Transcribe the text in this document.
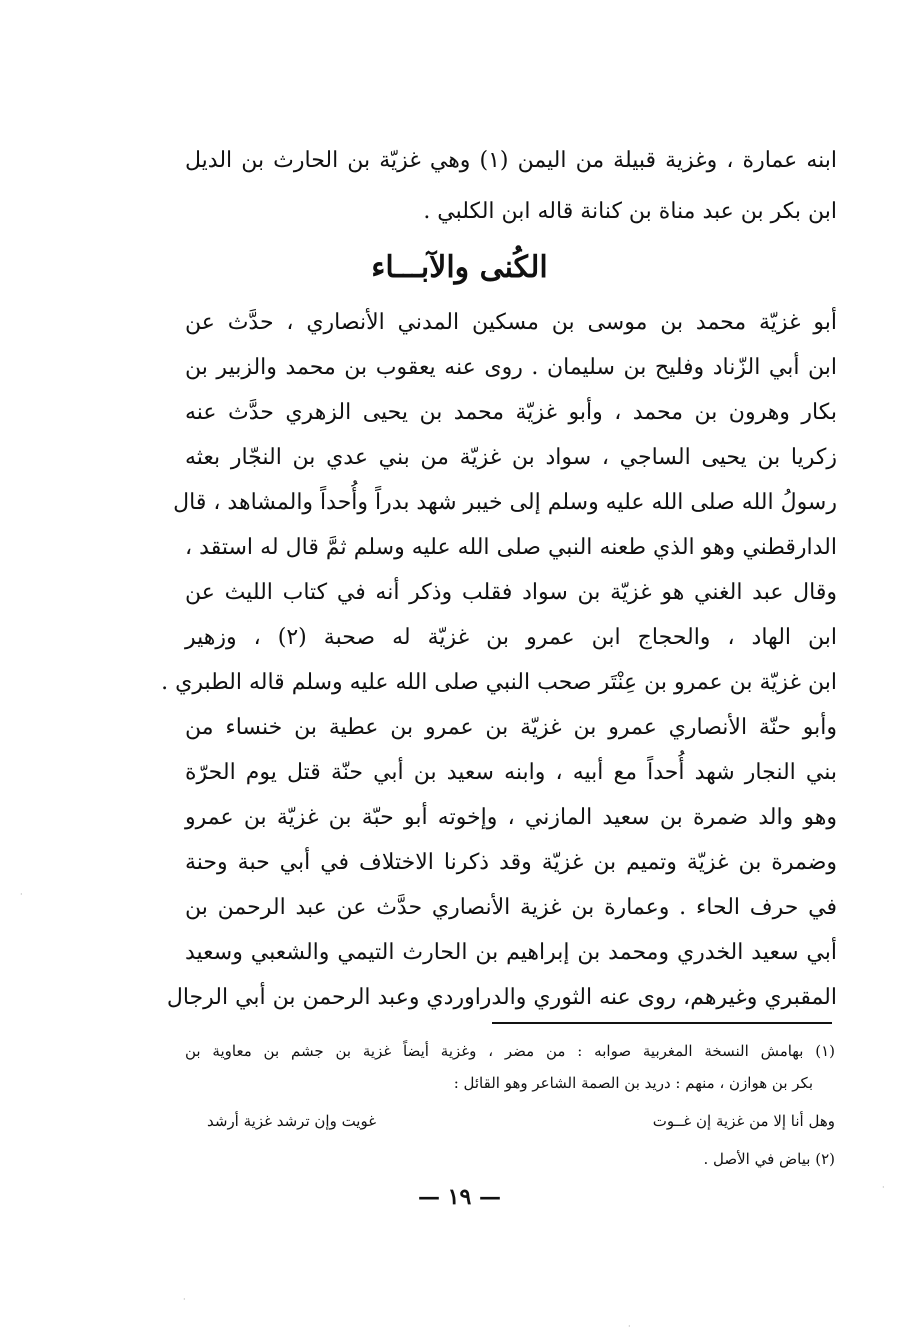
ابنه عمارة ، وغزية قبيلة من اليمن (١) وهي غزيّة بن الحارث بن الديل
ابن بكر بن عبد مناة بن كنانة قاله ابن الكلبي .
الكُنى والآبـــاء
أبو غزيّة محمد بن موسى بن مسكين المدني الأنصاري ، حدَّث عن
ابن أبي الزّناد وفليح بن سليمان . روى عنه يعقوب بن محمد والزبير بن
بكار وهرون بن محمد ، وأبو غزيّة محمد بن يحيى الزهري حدَّث عنه
زكريا بن يحيى الساجي ، سواد بن غزيّة من بني عدي بن النجّار بعثه
رسولُ الله صلى الله عليه وسلم إلى خيبر شهد بدراً وأُحداً والمشاهد ، قال
الدارقطني وهو الذي طعنه النبي صلى الله عليه وسلم ثمَّ قال له استقد ،
وقال عبد الغني هو غزيّة بن سواد فقلب وذكر أنه في كتاب الليث عن
ابن الهاد ، والحجاج ابن عمرو بن غزيّة له صحبة (٢) ، وزهير
ابن غزيّة بن عمرو بن عِنْتَر صحب النبي صلى الله عليه وسلم قاله الطبري .
وأبو حنّة الأنصاري عمرو بن غزيّة بن عمرو بن عطية بن خنساء من
بني النجار شهد أُحداً مع أبيه ، وابنه سعيد بن أبي حنّة قتل يوم الحرّة
وهو والد ضمرة بن سعيد المازني ، وإخوته أبو حبّة بن غزيّة بن عمرو
وضمرة بن غزيّة وتميم بن غزيّة وقد ذكرنا الاختلاف في أبي حبة وحنة
في حرف الحاء . وعمارة بن غزية الأنصاري حدَّث عن عبد الرحمن بن
أبي سعيد الخدري ومحمد بن إبراهيم بن الحارث التيمي والشعبي وسعيد
المقبري وغيرهم، روى عنه الثوري والدراوردي وعبد الرحمن بن أبي الرجال
(١) بهامش النسخة المغربية صوابه : من مضر ، وغزية أيضاً غزية بن جشم بن معاوية بن
بكر بن هوازن ، منهم : دريد بن الصمة الشاعر وهو القائل :
وهل أنا إلا من غزية إن غــوت
غويت وإن ترشد غزية أرشد
(٢) بياض في الأصل .
— ١٩ —
·
·
·
·
